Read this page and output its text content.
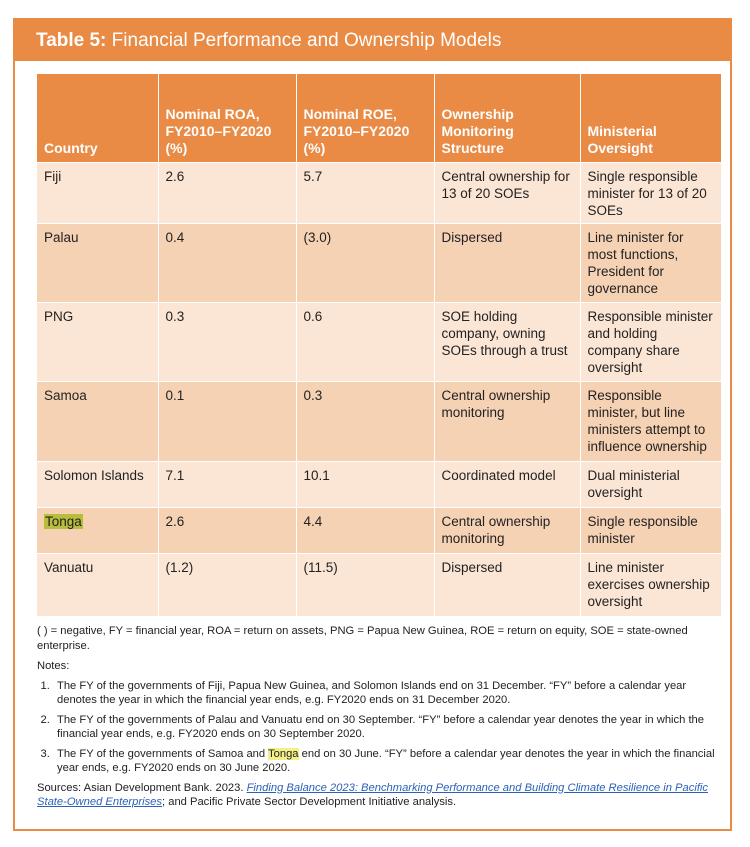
Table 5: Financial Performance and Ownership Models
Country	Nominal ROA, FY2010–FY2020 (%)	Nominal ROE, FY2010–FY2020 (%)	Ownership Monitoring Structure	Ministerial Oversight
Fiji	2.6	5.7	Central ownership for 13 of 20 SOEs	Single responsible minister for 13 of 20 SOEs
Palau	0.4	(3.0)	Dispersed	Line minister for most functions, President for governance
PNG	0.3	0.6	SOE holding company, owning SOEs through a trust	Responsible minister and holding company share oversight
Samoa	0.1	0.3	Central ownership monitoring	Responsible minister, but line ministers attempt to influence ownership
Solomon Islands	7.1	10.1	Coordinated model	Dual ministerial oversight
Tonga	2.6	4.4	Central ownership monitoring	Single responsible minister
Vanuatu	(1.2)	(11.5)	Dispersed	Line minister exercises ownership oversight

( ) = negative, FY = financial year, ROA = return on assets, PNG = Papua New Guinea, ROE = return on equity, SOE = state-owned enterprise.

Notes:

1. The FY of the governments of Fiji, Papua New Guinea, and Solomon Islands end on 31 December. “FY” before a calendar year denotes the year in which the financial year ends, e.g. FY2020 ends on 31 December 2020.
2. The FY of the governments of Palau and Vanuatu end on 30 September. “FY” before a calendar year denotes the year in which the financial year ends, e.g. FY2020 ends on 30 September 2020.
3. The FY of the governments of Samoa and Tonga end on 30 June. “FY” before a calendar year denotes the year in which the financial year ends, e.g. FY2020 ends on 30 June 2020.

Sources: Asian Development Bank. 2023. Finding Balance 2023: Benchmarking Performance and Building Climate Resilience in Pacific State-Owned Enterprises; and Pacific Private Sector Development Initiative analysis.
